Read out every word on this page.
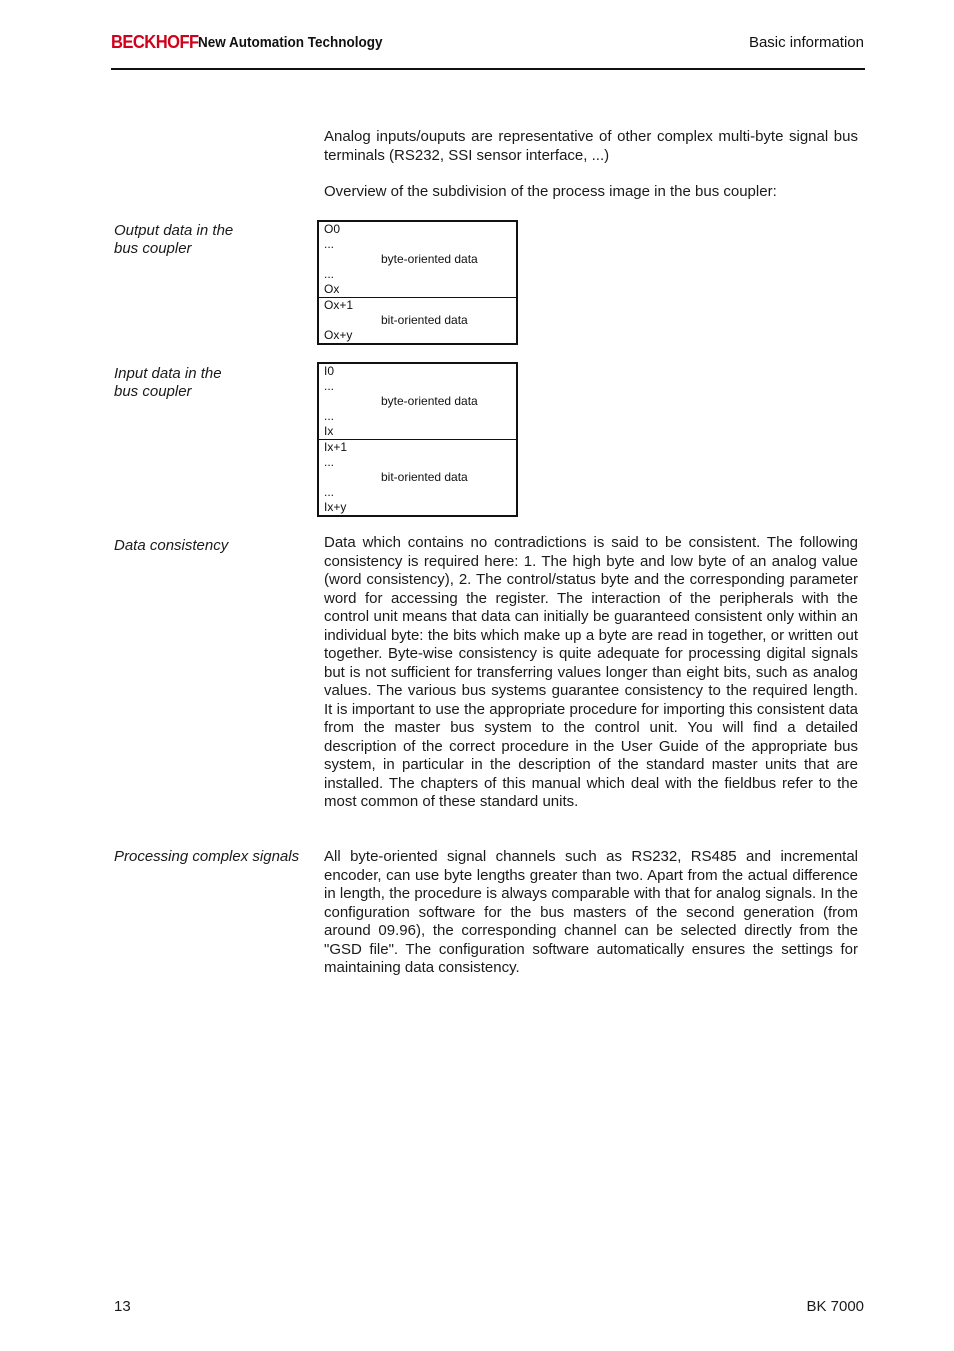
BECKHOFF New Automation Technology	Basic information
Analog inputs/ouputs are representative of other complex multi-byte signal bus terminals (RS232, SSI sensor interface, ...)
Overview of the subdivision of the process image in the bus coupler:
Output data in the
bus coupler
O0
...
...
Ox
byte-oriented data
Ox+1
Ox+y
bit-oriented data
Input data in the
bus coupler
I0
...
...
Ix
byte-oriented data
Ix+1
...
...
Ix+y
bit-oriented data
Data consistency	Data which contains no contradictions is said to be consistent. The following consistency is required here: 1. The high byte and low byte of an analog value (word consistency), 2. The control/status byte and the corresponding parameter word for accessing the register. The interaction of the peripherals with the control unit means that data can initially be guaranteed consistent only within an individual byte: the bits which make up a byte are read in together, or written out together. Byte-wise consistency is quite adequate for processing digital signals but is not sufficient for transferring values longer than eight bits, such as analog values. The various bus systems guarantee consistency to the required length. It is important to use the appropriate procedure for importing this consistent data from the master bus system to the control unit. You will find a detailed description of the correct procedure in the User Guide of the appropriate bus system, in particular in the description of the standard master units that are installed. The chapters of this manual which deal with the fieldbus refer to the most common of these standard units.
Processing complex signals	All byte-oriented signal channels such as RS232, RS485 and incremental encoder, can use byte lengths greater than two. Apart from the actual difference in length, the procedure is always comparable with that for analog signals. In the configuration software for the bus masters of the second generation (from around 09.96), the corresponding channel can be selected directly from the "GSD file". The configuration software automatically ensures the settings for maintaining data consistency.
13	BK 7000
